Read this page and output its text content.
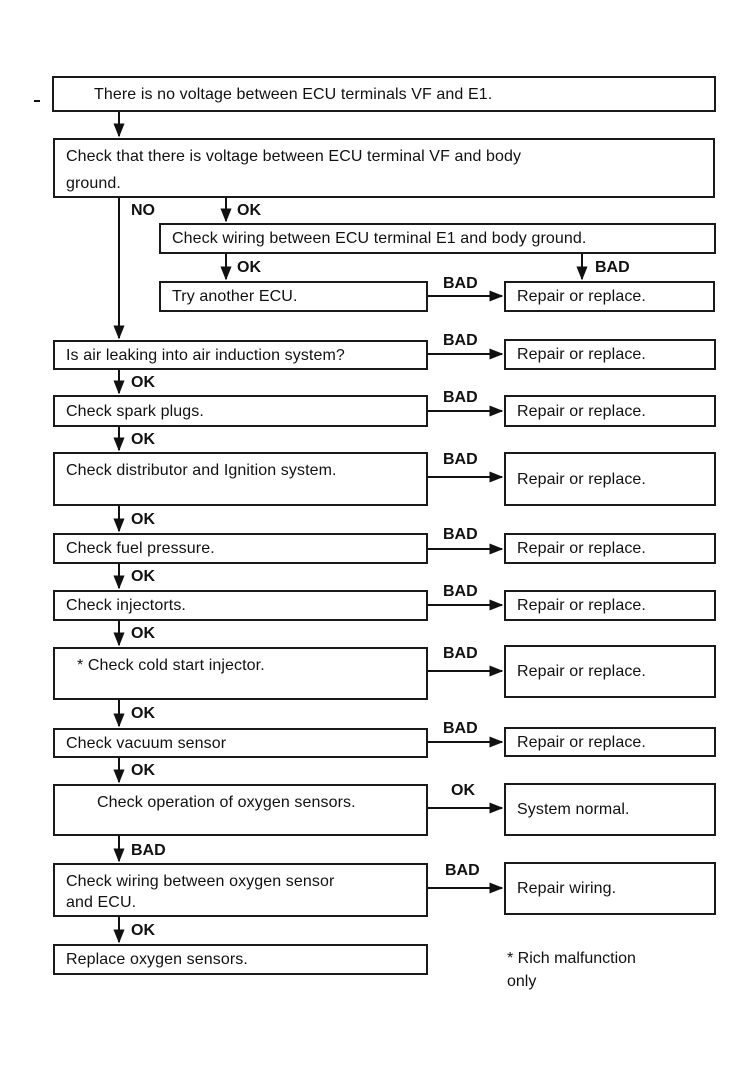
There is no voltage between ECU terminals VF and E1.
Check that there is voltage between ECU terminal VF and body
ground.
Check wiring between ECU terminal E1 and body ground.
Try another ECU.	Repair or replace.
Is air leaking into air induction system?	Repair or replace.
Check spark plugs.	Repair or replace.
Check distributor and Ignition system.	Repair or replace.
Check fuel pressure.	Repair or replace.
Check injectorts.	Repair or replace.
* Check cold start injector.	Repair or replace.
Check vacuum sensor	Repair or replace.
Check operation of oxygen sensors.	System normal.
Check wiring between oxygen sensor
and ECU.
Repair wiring.
Replace oxygen sensors.
NO	OK
OK	BAD
BAD
BAD
OK
BAD
OK
BAD
OK
BAD
OK
BAD
OK
BAD
OK
BAD
OK
OK
BAD
BAD
OK
* Rich malfunction
only
